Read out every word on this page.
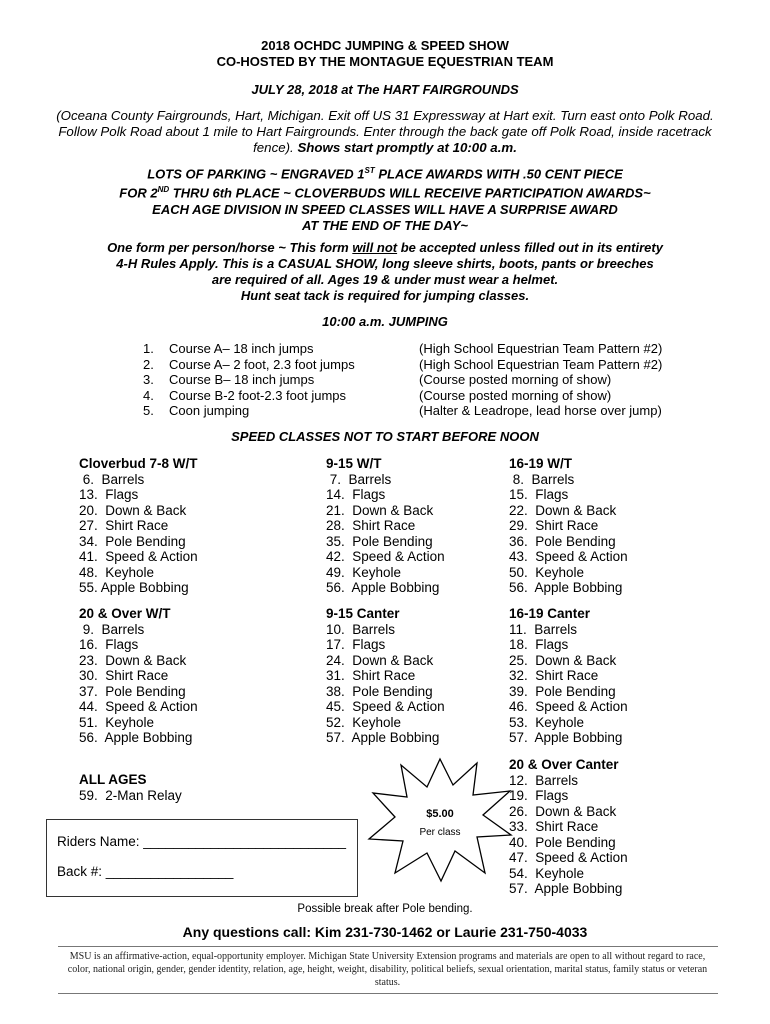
2018 OCHDC JUMPING & SPEED SHOW
CO-HOSTED BY THE MONTAGUE EQUESTRIAN TEAM
JULY 28, 2018 at The HART FAIRGROUNDS
(Oceana County Fairgrounds, Hart, Michigan. Exit off US 31 Expressway at Hart exit. Turn east onto Polk Road. Follow Polk Road about 1 mile to Hart Fairgrounds. Enter through the back gate off Polk Road, inside racetrack fence). Shows start promptly at 10:00 a.m.
LOTS OF PARKING ~ ENGRAVED 1ST PLACE AWARDS WITH .50 CENT PIECE
FOR 2ND THRU 6th PLACE ~ CLOVERBUDS WILL RECEIVE PARTICIPATION AWARDS~
EACH AGE DIVISION IN SPEED CLASSES WILL HAVE A SURPRISE AWARD
AT THE END OF THE DAY~
One form per person/horse ~ This form will not be accepted unless filled out in its entirety
4-H Rules Apply. This is a CASUAL SHOW, long sleeve shirts, boots, pants or breeches
are required of all. Ages 19 & under must wear a helmet.
Hunt seat tack is required for jumping classes.
10:00 a.m. JUMPING
1. Course A– 18 inch jumps
2. Course A– 2 foot, 2.3 foot jumps
3. Course B– 18 inch jumps
4. Course B-2 foot-2.3 foot jumps
5. Coon jumping
(High School Equestrian Team Pattern #2)
(High School Equestrian Team Pattern #2)
(Course posted morning of show)
(Course posted morning of show)
(Halter & Leadrope, lead horse over jump)
SPEED CLASSES NOT TO START BEFORE NOON
Cloverbud 7-8 W/T
6.  Barrels
13.  Flags
20.  Down & Back
27.  Shirt Race
34.  Pole Bending
41.  Speed & Action
48.  Keyhole
55. Apple Bobbing
9-15 W/T
7.  Barrels
14.  Flags
21.  Down & Back
28.  Shirt Race
35.  Pole Bending
42.  Speed & Action
49.  Keyhole
56.  Apple Bobbing
16-19 W/T
8.  Barrels
15.  Flags
22.  Down & Back
29.  Shirt Race
36.  Pole Bending
43.  Speed & Action
50.  Keyhole
56.  Apple Bobbing
20 & Over W/T
9.  Barrels
16.  Flags
23.  Down & Back
30.  Shirt Race
37.  Pole Bending
44.  Speed & Action
51.  Keyhole
56.  Apple Bobbing
9-15 Canter
10.  Barrels
17.  Flags
24.  Down & Back
31.  Shirt Race
38.  Pole Bending
45.  Speed & Action
52.  Keyhole
57.  Apple Bobbing
16-19 Canter
11.  Barrels
18.  Flags
25.  Down & Back
32.  Shirt Race
39.  Pole Bending
46.  Speed & Action
53.  Keyhole
57.  Apple Bobbing
20 & Over Canter
12.  Barrels
19.  Flags
26.  Down & Back
33.  Shirt Race
40.  Pole Bending
47.  Speed & Action
54.  Keyhole
57.  Apple Bobbing
ALL AGES
59.  2-Man Relay
$5.00
Per class
Riders Name: ___________________________
Back #: _________________
Possible break after Pole bending.
Any questions call: Kim 231-730-1462 or Laurie 231-750-4033
MSU is an affirmative-action, equal-opportunity employer. Michigan State University Extension programs and materials are open to all without regard to race, color, national origin, gender, gender identity, relation, age, height, weight, disability, political beliefs, sexual orientation, marital status, family status or veteran status.
